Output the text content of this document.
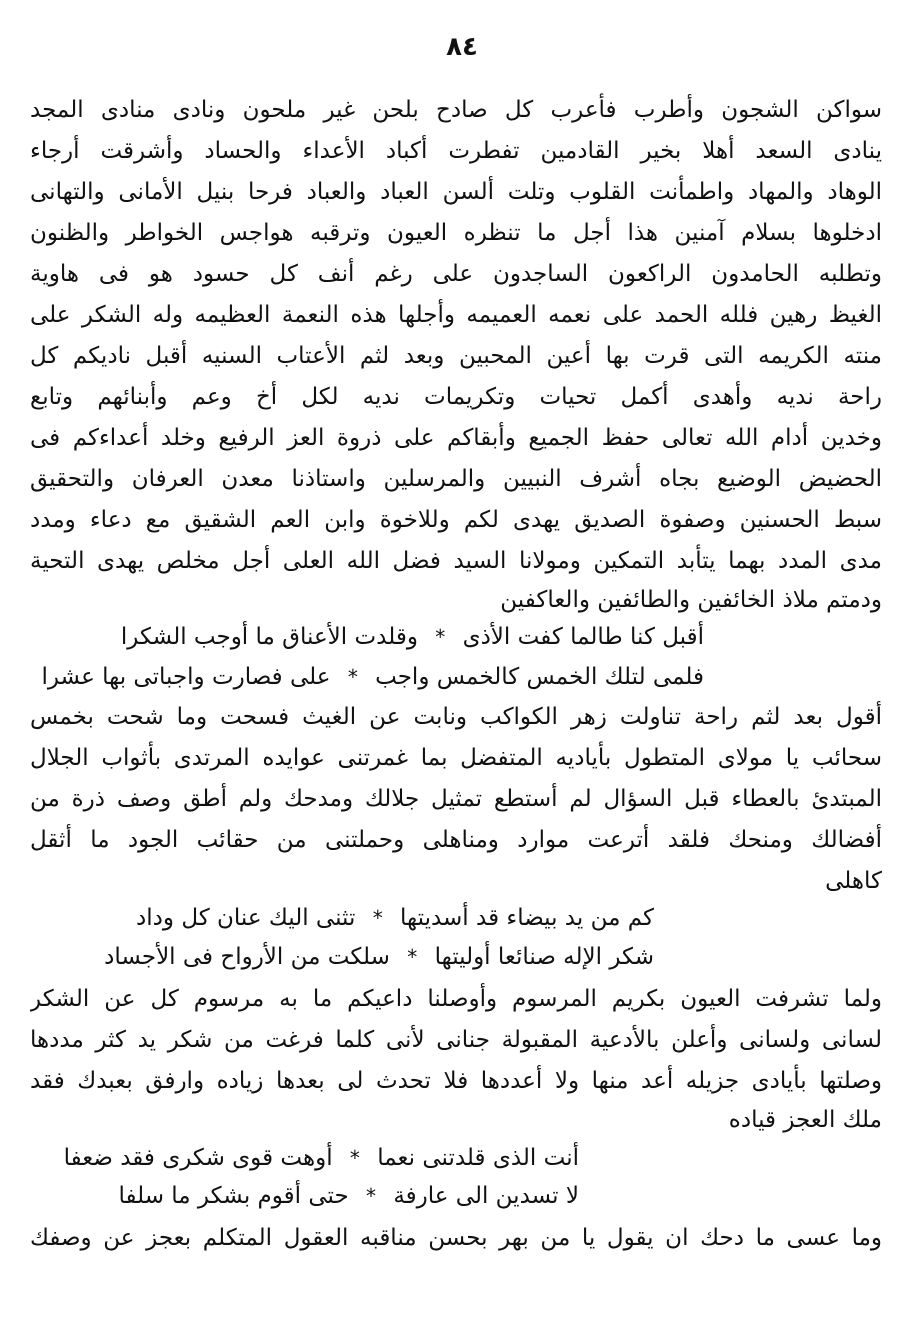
٨٤
سواكن الشجون وأطرب فأعرب كل صادح بلحن غير ملحون ونادى منادى المجد
ينادى السعد أهلا بخير القادمين تفطرت أكباد الأعداء والحساد وأشرقت أرجاء
الوهاد والمهاد واطمأنت القلوب وتلت ألسن العباد والعباد فرحا بنيل الأمانى والتهانى
ادخلوها بسلام آمنين هذا أجل ما تنظره العيون وترقبه هواجس الخواطر والظنون
وتطلبه الحامدون الراكعون الساجدون على رغم أنف كل حسود هو فى هاوية
الغيظ رهين فلله الحمد على نعمه العميمه وأجلها هذه النعمة العظيمه وله الشكر على
منته الكريمه التى قرت بها أعين المحبين وبعد لثم الأعتاب السنيه أقبل ناديكم كل
راحة نديه وأهدى أكمل تحيات وتكريمات نديه لكل أخ وعم وأبنائهم وتابع
وخدين أدام الله تعالى حفظ الجميع وأبقاكم على ذروة العز الرفيع وخلد أعداءكم فى
الحضيض الوضيع بجاه أشرف النبيين والمرسلين واستاذنا معدن العرفان والتحقيق
سبط الحسنين وصفوة الصديق يهدى لكم وللاخوة وابن العم الشقيق مع دعاء ومدد
مدى المدد بهما يتأبد التمكين ومولانا السيد فضل الله العلى أجل مخلص يهدى التحية
ودمتم ملاذ الخائفين والطائفين والعاكفين
أقبل كنا طالما كفت الأذى * وقلدت الأعناق ما أوجب الشكرا
فلمى لتلك الخمس كالخمس واجب * على فصارت واجباتى بها عشرا
أقول بعد لثم راحة تناولت زهر الكواكب ونابت عن الغيث فسحت وما شحت بخمس
سحائب يا مولاى المتطول بأياديه المتفضل بما غمرتنى عوايده المرتدى بأثواب الجلال
المبتدئ بالعطاء قبل السؤال لم أستطع تمثيل جلالك ومدحك ولم أطق وصف ذرة من
أفضالك ومنحك فلقد أترعت موارد ومناهلى وحملتنى من حقائب الجود ما أثقل
كاهلى
كم من يد بيضاء قد أسديتها * تثنى اليك عنان كل وداد
شكر الإله صنائعا أوليتها * سلكت من الأرواح فى الأجساد
ولما تشرفت العيون بكريم المرسوم وأوصلنا داعيكم ما به مرسوم كل عن الشكر
لسانى ولسانى وأعلن بالأدعية المقبولة جنانى لأنى كلما فرغت من شكر يد كثر مددها
وصلتها بأيادى جزيله أعد منها ولا أعددها فلا تحدث لى بعدها زياده وارفق بعبدك فقد
ملك العجز قياده
أنت الذى قلدتنى نعما * أوهت قوى شكرى فقد ضعفا
لا تسدين الى عارفة * حتى أقوم بشكر ما سلفا
وما عسى ما دحك ان يقول يا من بهر بحسن مناقبه العقول المتكلم بعجز عن وصفك
